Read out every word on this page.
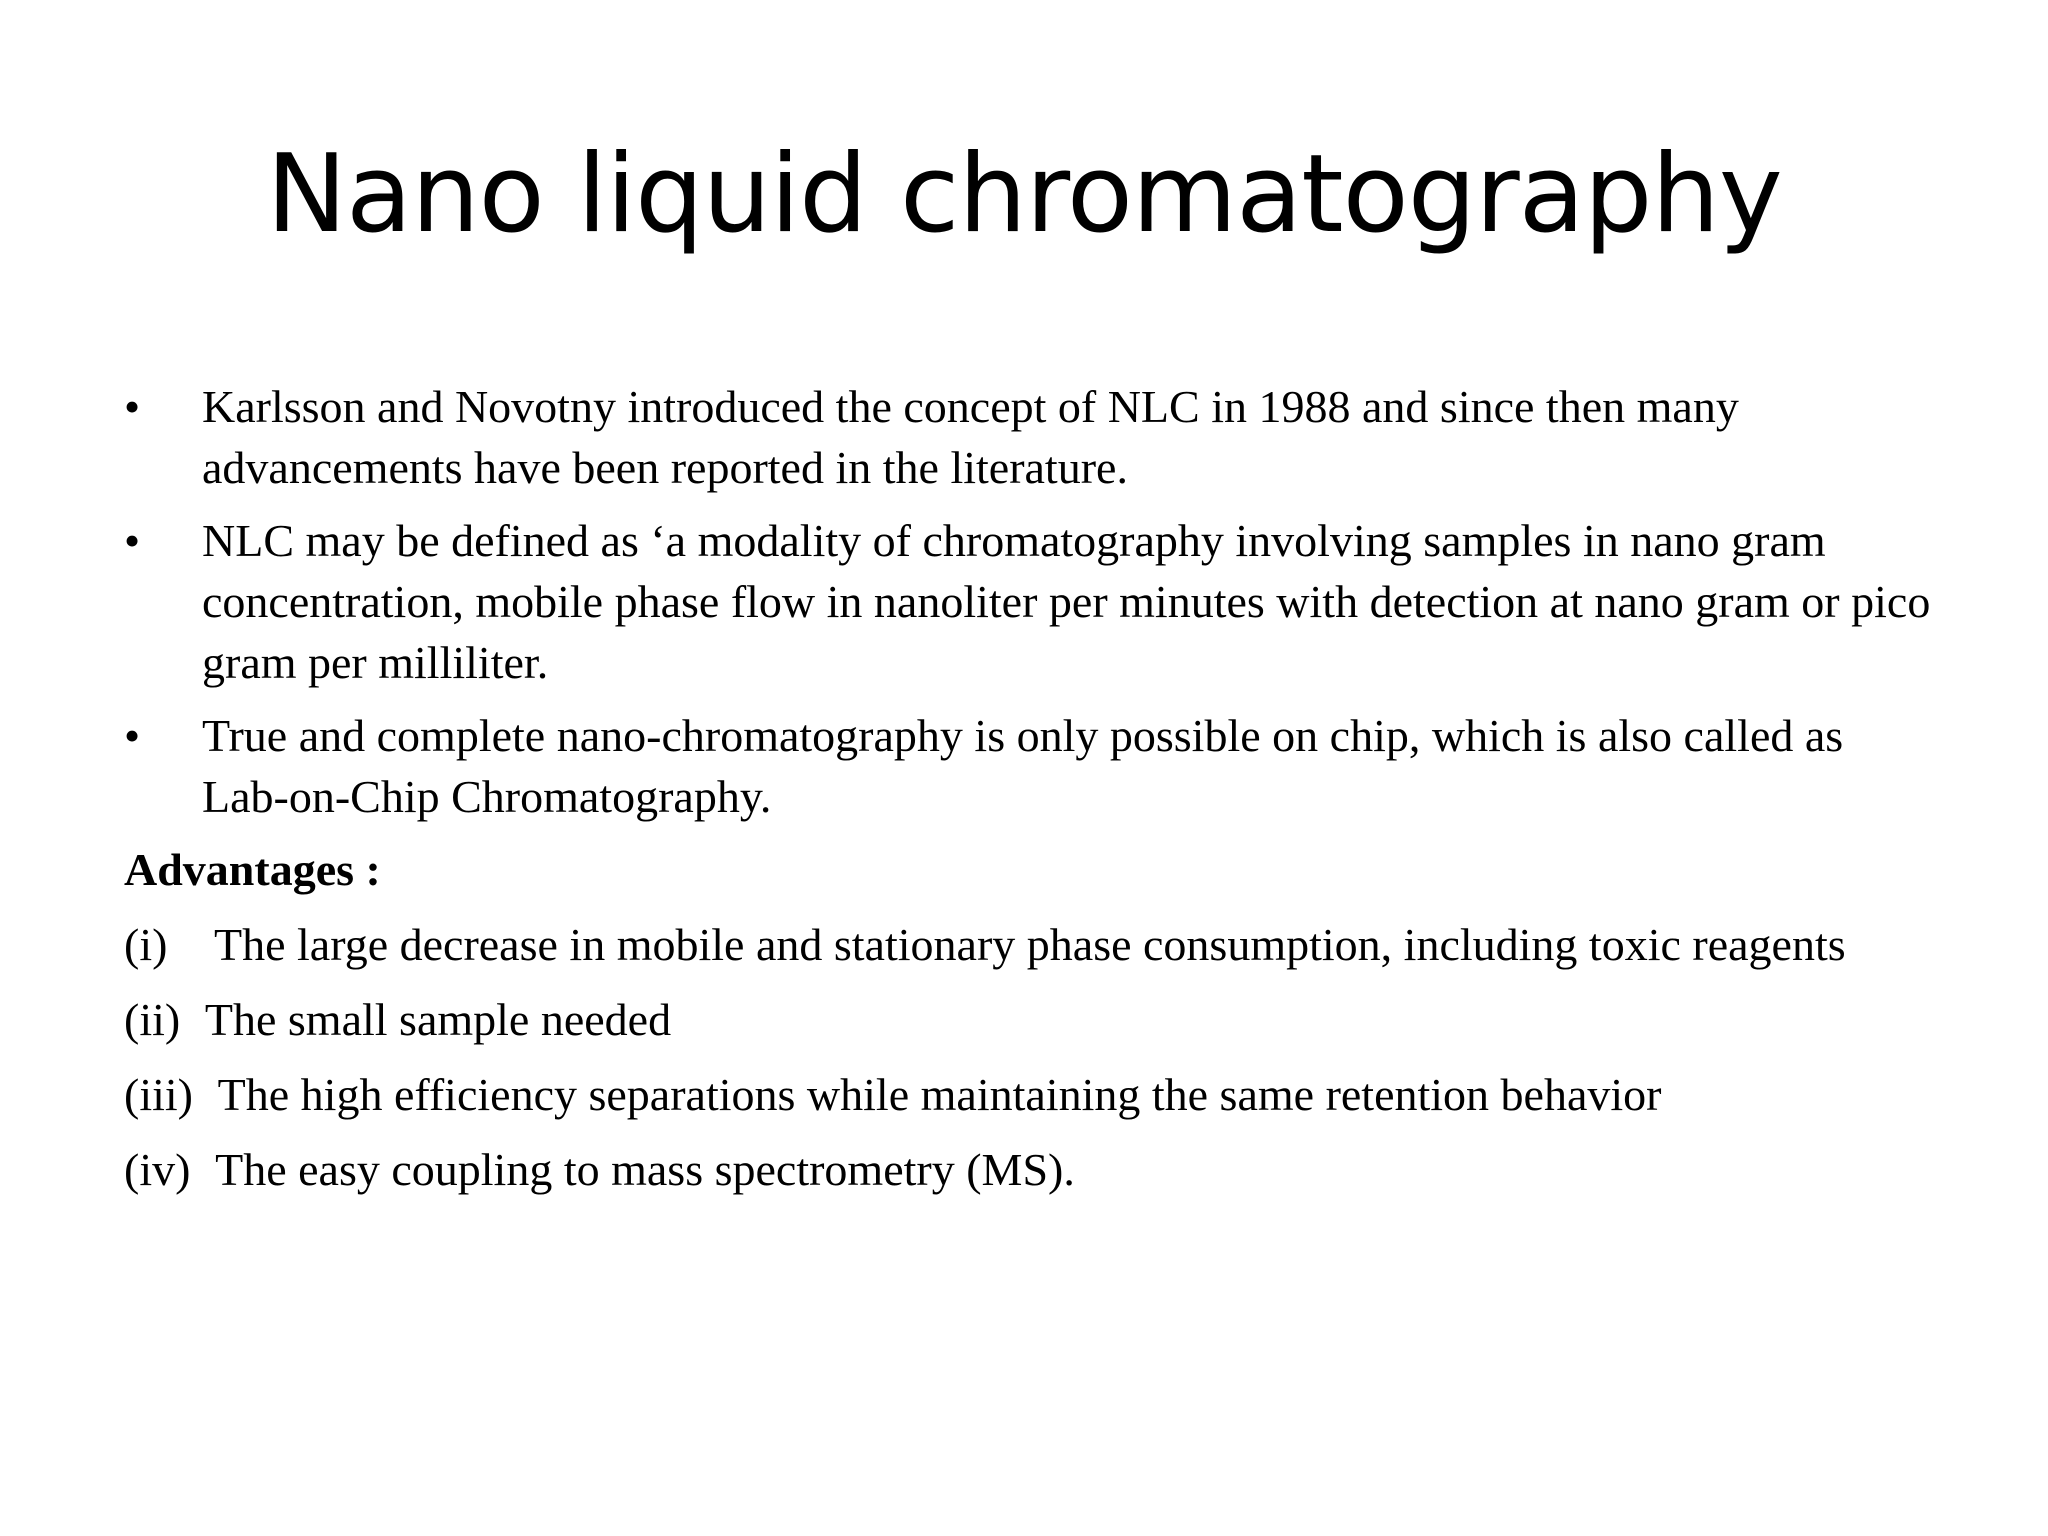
Nano liquid chromatography
•	Karlsson and Novotny introduced the concept of NLC in 1988 and since then many advancements have been reported in the literature.
•	NLC may be defined as ‘a modality of chromatography involving samples in nano gram concentration, mobile phase flow in nanoliter per minutes with detection at nano gram or pico gram per milliliter.
•	True and complete nano-chromatography is only possible on chip, which is also called as Lab-on-Chip Chromatography.
Advantages :
(i) The large decrease in mobile and stationary phase consumption, including toxic reagents
(ii) The small sample needed
(iii) The high efficiency separations while maintaining the same retention behavior
(iv) The easy coupling to mass spectrometry (MS).
